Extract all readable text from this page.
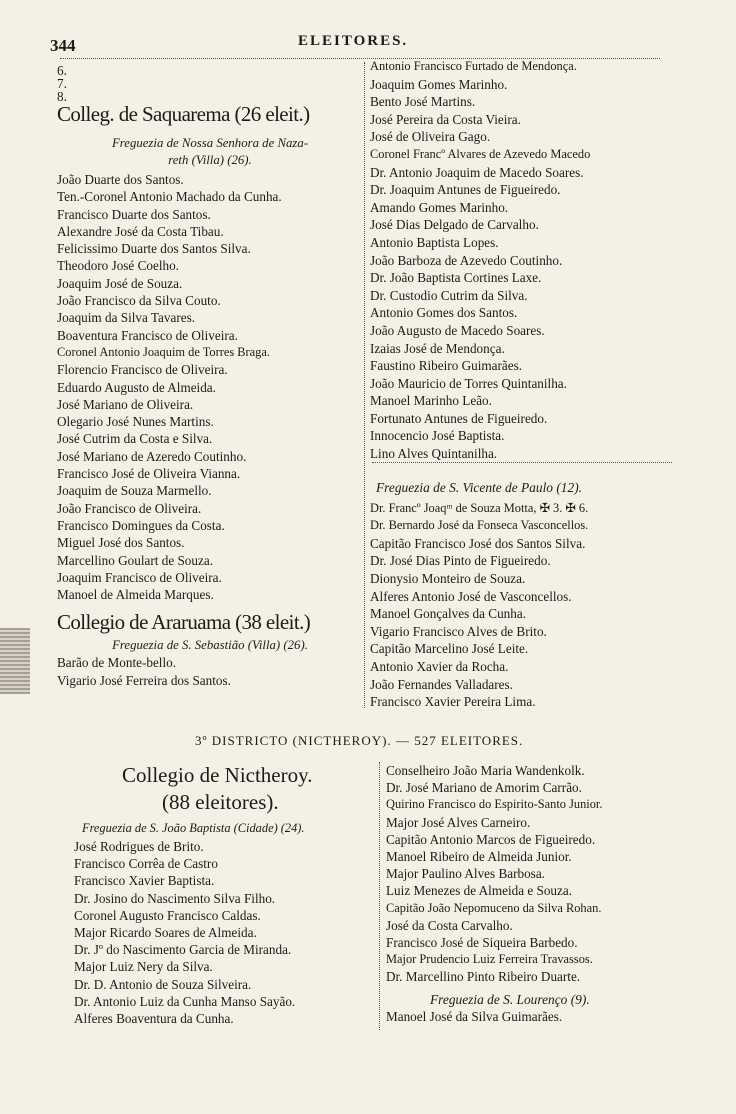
344	ELEITORES.
6.
7.
8.
Colleg. de Saquarema (26 eleit.)
Freguezia de Nossa Senhora de Naza-
reth (Villa) (26).
João Duarte dos Santos.
Ten.-Coronel Antonio Machado da Cunha.
Francisco Duarte dos Santos.
Alexandre José da Costa Tibau.
Felicissimo Duarte dos Santos Silva.
Theodoro José Coelho.
Joaquim José de Souza.
João Francisco da Silva Couto.
Joaquim da Silva Tavares.
Boaventura Francisco de Oliveira.
Coronel Antonio Joaquim de Torres Braga.
Florencio Francisco de Oliveira.
Eduardo Augusto de Almeida.
José Mariano de Oliveira.
Olegario José Nunes Martins.
José Cutrim da Costa e Silva.
José Mariano de Azeredo Coutinho.
Francisco José de Oliveira Vianna.
Joaquim de Souza Marmello.
João Francisco de Oliveira.
Francisco Domingues da Costa.
Miguel José dos Santos.
Marcellino Goulart de Souza.
Joaquim Francisco de Oliveira.
Manoel de Almeida Marques.
Collegio de Araruama (38 eleit.)
Freguezia de S. Sebastião (Villa) (26).
Barão de Monte-bello.
Vigario José Ferreira dos Santos.
Antonio Francisco Furtado de Mendonça.
Joaquim Gomes Marinho.
Bento José Martins.
José Pereira da Costa Vieira.
José de Oliveira Gago.
Coronel Francº Alvares de Azevedo Macedo
Dr. Antonio Joaquim de Macedo Soares.
Dr. Joaquim Antunes de Figueiredo.
Amando Gomes Marinho.
José Dias Delgado de Carvalho.
Antonio Baptista Lopes.
João Barboza de Azevedo Coutinho.
Dr. João Baptista Cortines Laxe.
Dr. Custodio Cutrim da Silva.
Antonio Gomes dos Santos.
João Augusto de Macedo Soares.
Izaias José de Mendonça.
Faustino Ribeiro Guimarães.
João Mauricio de Torres Quintanilha.
Manoel Marinho Leão.
Fortunato Antunes de Figueiredo.
Innocencio José Baptista.
Lino Alves Quintanilha.
Freguezia de S. Vicente de Paulo (12).
Dr. Francº Joaqᵐ de Souza Motta, ✠ 3. ✠ 6.
Dr. Bernardo José da Fonseca Vasconcellos.
Capitão Francisco José dos Santos Silva.
Dr. José Dias Pinto de Figueiredo.
Dionysio Monteiro de Souza.
Alferes Antonio José de Vasconcellos.
Manoel Gonçalves da Cunha.
Vigario Francisco Alves de Brito.
Capitão Marcelino José Leite.
Antonio Xavier da Rocha.
João Fernandes Valladares.
Francisco Xavier Pereira Lima.
3º DISTRICTO (NICTHEROY). — 527 ELEITORES.
Collegio de Nictheroy.
(88 eleitores).
Freguezia de S. João Baptista (Cidade) (24).
José Rodrigues de Brito.
Francisco Corrêa de Castro
Francisco Xavier Baptista.
Dr. Josino do Nascimento Silva Filho.
Coronel Augusto Francisco Caldas.
Major Ricardo Soares de Almeida.
Dr. Jº do Nascimento Garcia de Miranda.
Major Luiz Nery da Silva.
Dr. D. Antonio de Souza Silveira.
Dr. Antonio Luiz da Cunha Manso Sayão.
Alferes Boaventura da Cunha.
Conselheiro João Maria Wandenkolk.
Dr. José Mariano de Amorim Carrão.
Quirino Francisco do Espirito-Santo Junior.
Major José Alves Carneiro.
Capitão Antonio Marcos de Figueiredo.
Manoel Ribeiro de Almeida Junior.
Major Paulino Alves Barbosa.
Luiz Menezes de Almeida e Souza.
Capitão João Nepomuceno da Silva Rohan.
José da Costa Carvalho.
Francisco José de Siqueira Barbedo.
Major Prudencio Luiz Ferreira Travassos.
Dr. Marcellino Pinto Ribeiro Duarte.
Freguezia de S. Lourenço (9).
Manoel José da Silva Guimarães.
